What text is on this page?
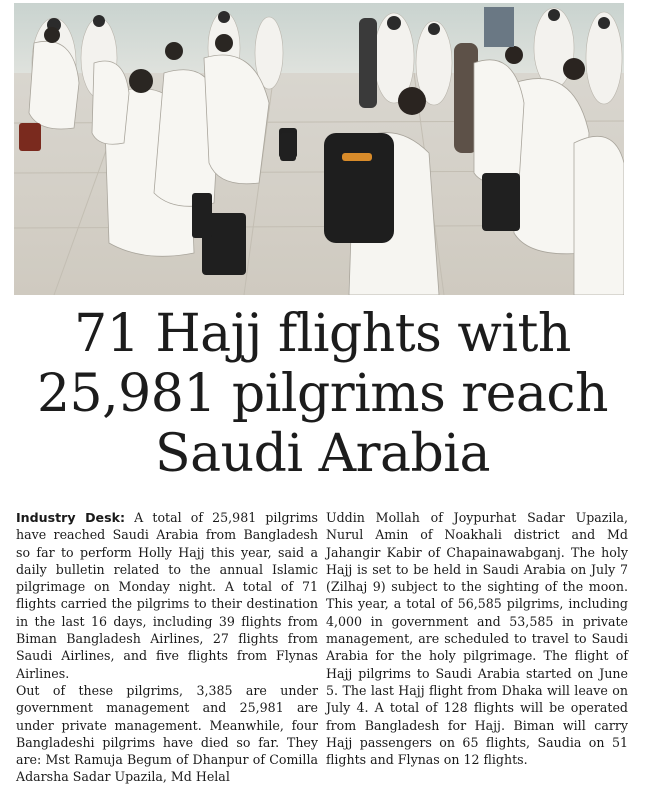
71 Hajj flights with
25,981 pilgrims reach
Saudi Arabia

Industry Desk: A total of 25,981 pilgrims have reached Saudi Arabia from Bangladesh so far to perform Holly Hajj this year, said a daily bulletin related to the annual Islamic pilgrimage on Monday night. A total of 71 flights carried the pilgrims to their destination in the last 16 days, including 39 flights from Biman Bangladesh Airlines, 27 flights from Saudi Airlines, and five flights from Flynas Airlines.

Out of these pilgrims, 3,385 are under government management and 25,981 are under private management. Meanwhile, four Bangladeshi pilgrims have died so far. They are: Mst Ramuja Begum of Dhanpur of Comilla Adarsha Sadar Upazila, Md Helal

Uddin Mollah of Joypurhat Sadar Upazila, Nurul Amin of Noakhali district and Md Jahangir Kabir of Chapainawabganj. The holy Hajj is set to be held in Saudi Arabia on July 7 (Zilhaj 9) subject to the sighting of the moon. This year, a total of 56,585 pilgrims, including 4,000 in government and 53,585 in private management, are scheduled to travel to Saudi Arabia for the holy pilgrimage. The flight of Hajj pilgrims to Saudi Arabia started on June 5. The last Hajj flight from Dhaka will leave on July 4. A total of 128 flights will be operated from Bangladesh for Hajj. Biman will carry Hajj passengers on 65 flights, Saudia on 51 flights and Flynas on 12 flights.
